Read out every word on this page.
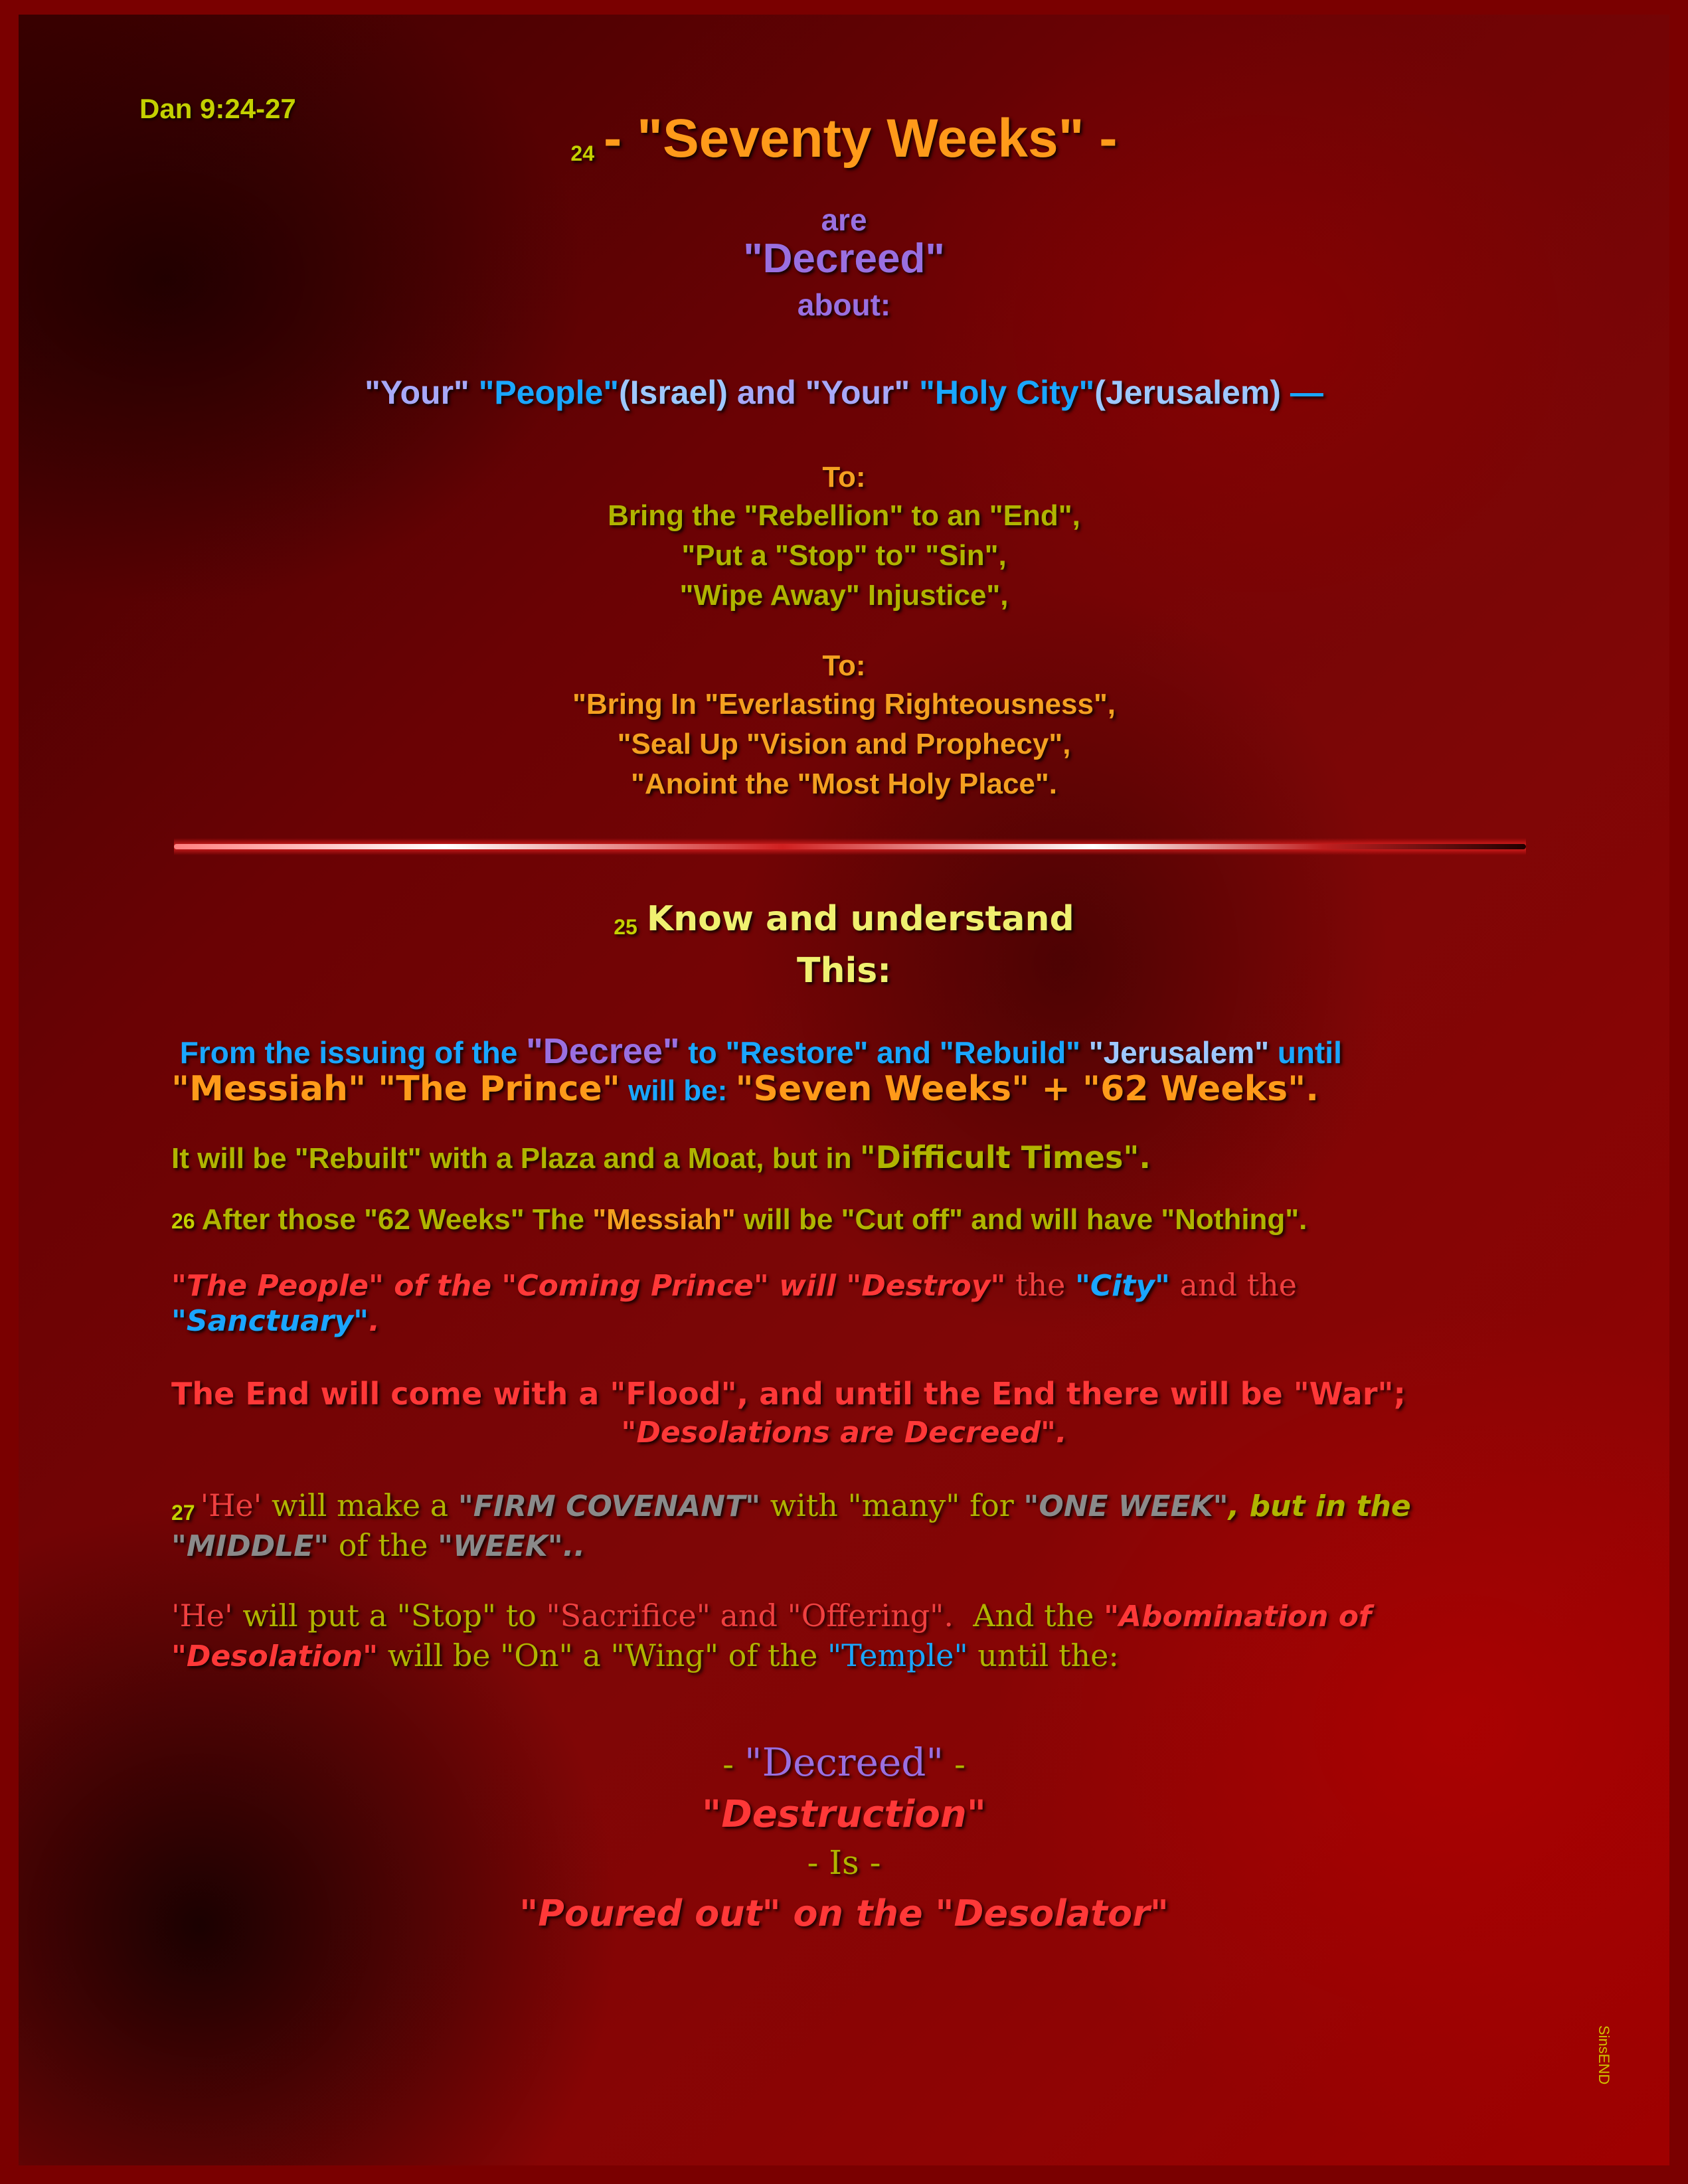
Dan 9:24-27
24 - "Seventy Weeks" -
are
"Decreed"
about:
"Your" "People"(Israel) and "Your" "Holy City"(Jerusalem) —
To:
Bring the "Rebellion" to an "End",
"Put a "Stop" to" "Sin",
"Wipe Away" Injustice",
To:
"Bring In "Everlasting Righteousness",
"Seal Up "Vision and Prophecy",
"Anoint the "Most Holy Place".
25 Know and understand
This:
From the issuing of the "Decree" to "Restore" and "Rebuild" "Jerusalem" until
"Messiah" "The Prince" will be: "Seven Weeks" + "62 Weeks".
It will be "Rebuilt" with a Plaza and a Moat, but in "Difficult Times".
26 After those "62 Weeks" The "Messiah" will be "Cut off" and will have "Nothing".
"The People" of the "Coming Prince" will "Destroy" the "City" and the
"Sanctuary".
The End will come with a "Flood", and until the End there will be "War";
"Desolations are Decreed".
27 'He' will make a "FIRM COVENANT" with "many" for "ONE WEEK", but in the
"MIDDLE" of the "WEEK"..
'He' will put a "Stop" to "Sacrifice" and "Offering".  And the "Abomination of
"Desolation" will be "On" a "Wing" of the "Temple" until the:
- "Decreed" -
"Destruction"
- Is -
"Poured out" on the "Desolator"
SinsEND
